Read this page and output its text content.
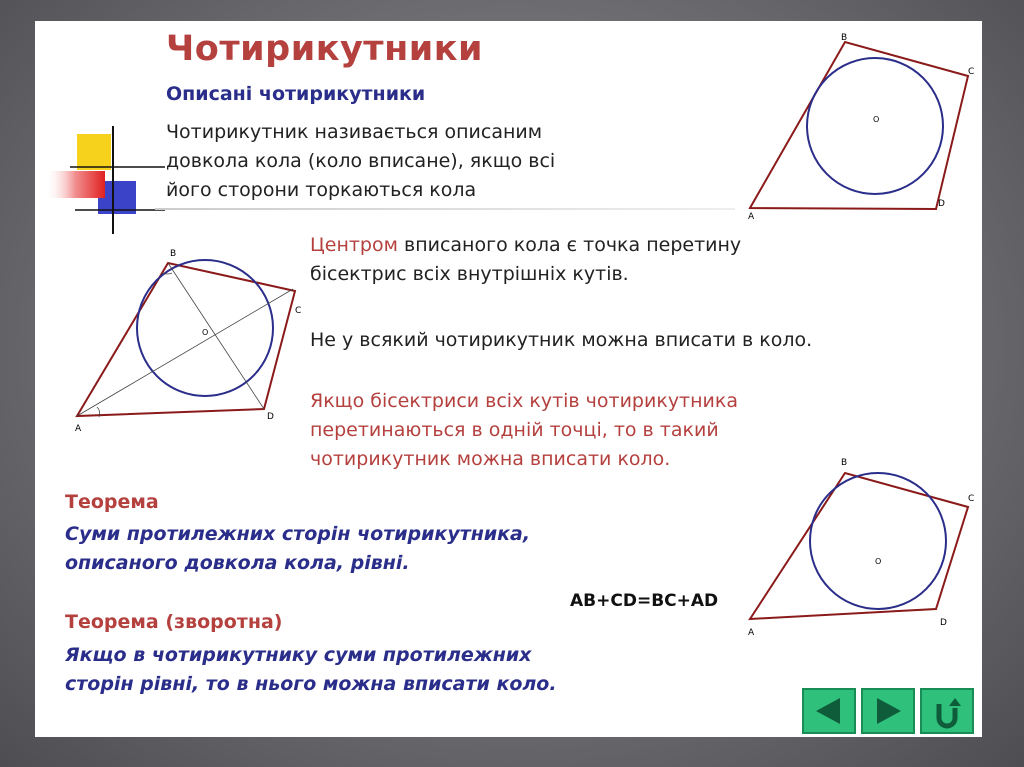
Чотирикутники
Описані чотирикутники
Чотирикутник називається описаним
довкола кола (коло вписане), якщо всі
його сторони торкаються кола
B
C
A
D
O
B
C
A
D
O
Центром вписаного кола є точка перетину
бісектрис всіх внутрішніх кутів.
Не у всякий чотирикутник можна вписати в коло.
Якщо бісектриси всіх кутів чотирикутника
перетинаються в одній точці, то в такий
чотирикутник можна вписати коло.	B
C
A
D
O
Теорема
Суми протилежних сторін чотирикутника,
описаного довкола кола, рівні.
AB+CD=BC+AD
Теорема (зворотна)
Якщо в чотирикутнику суми протилежних
сторін рівні, то в нього можна вписати коло.
